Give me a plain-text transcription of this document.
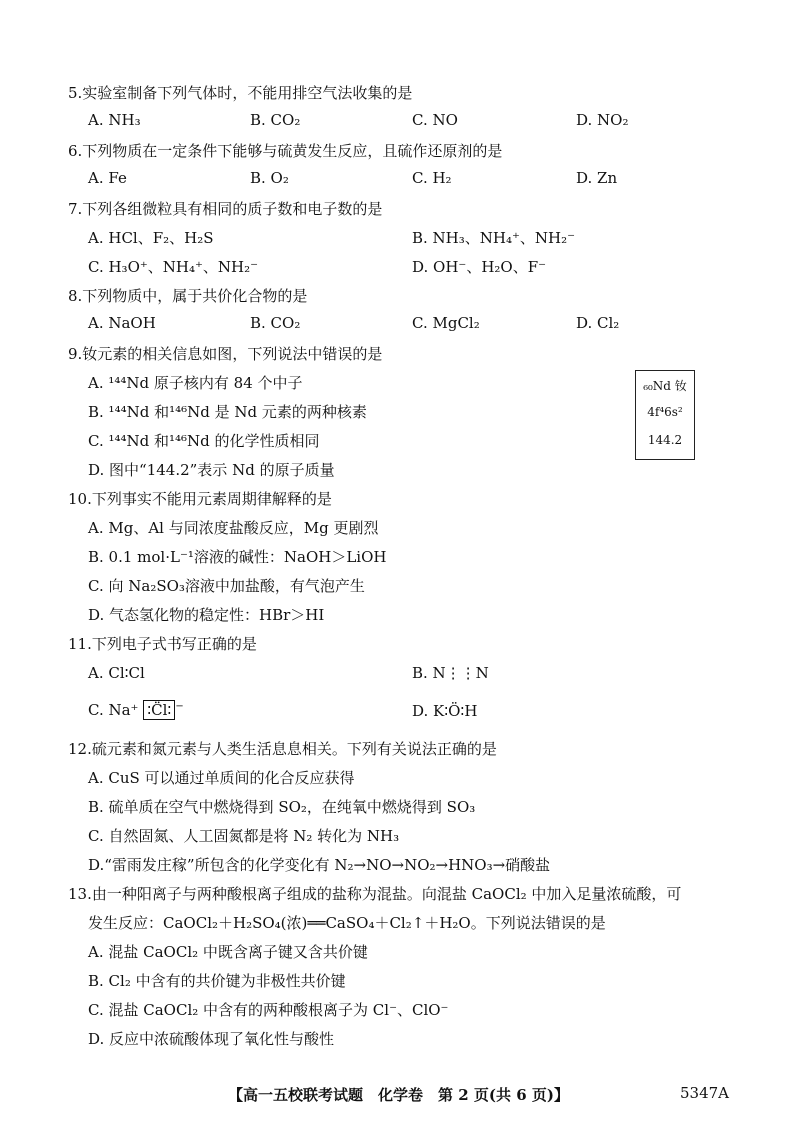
5.实验室制备下列气体时，不能用排空气法收集的是
A. NH₃	B. CO₂	C. NO	D. NO₂
6.下列物质在一定条件下能够与硫黄发生反应，且硫作还原剂的是
A. Fe	B. O₂	C. H₂	D. Zn
7.下列各组微粒具有相同的质子数和电子数的是
A. HCl、F₂、H₂S	B. NH₃、NH₄⁺、NH₂⁻
C. H₃O⁺、NH₄⁺、NH₂⁻	D. OH⁻、H₂O、F⁻
8.下列物质中，属于共价化合物的是
A. NaOH	B. CO₂	C. MgCl₂	D. Cl₂
9.钕元素的相关信息如图，下列说法中错误的是
A. ¹⁴⁴Nd 原子核内有 84 个中子
B. ¹⁴⁴Nd 和¹⁴⁶Nd 是 Nd 元素的两种核素
C. ¹⁴⁴Nd 和¹⁴⁶Nd 的化学性质相同
D. 图中“144.2”表示 Nd 的原子质量
₆₀Nd 钕
4f⁴6s²
144.2
10.下列事实不能用元素周期律解释的是
A. Mg、Al 与同浓度盐酸反应，Mg 更剧烈
B. 0.1 mol·L⁻¹溶液的碱性：NaOH＞LiOH
C. 向 Na₂SO₃溶液中加盐酸，有气泡产生
D. 气态氢化物的稳定性：HBr＞HI
11.下列电子式书写正确的是
A. Cl∶Cl	B. N⋮⋮N
C. Na⁺ ∶C̈l∶ −	D. K∶Ö∶H
12.硫元素和氮元素与人类生活息息相关。下列有关说法正确的是
A. CuS 可以通过单质间的化合反应获得
B. 硫单质在空气中燃烧得到 SO₂，在纯氧中燃烧得到 SO₃
C. 自然固氮、人工固氮都是将 N₂ 转化为 NH₃
D.“雷雨发庄稼”所包含的化学变化有 N₂→NO→NO₂→HNO₃→硝酸盐
13.由一种阳离子与两种酸根离子组成的盐称为混盐。向混盐 CaOCl₂ 中加入足量浓硫酸，可
发生反应：CaOCl₂＋H₂SO₄(浓)══CaSO₄＋Cl₂↑＋H₂O。下列说法错误的是
A. 混盐 CaOCl₂ 中既含离子键又含共价键
B. Cl₂ 中含有的共价键为非极性共价键
C. 混盐 CaOCl₂ 中含有的两种酸根离子为 Cl⁻、ClO⁻
D. 反应中浓硫酸体现了氧化性与酸性
【高一五校联考试题　化学卷　第 2 页(共 6 页)】	5347A
